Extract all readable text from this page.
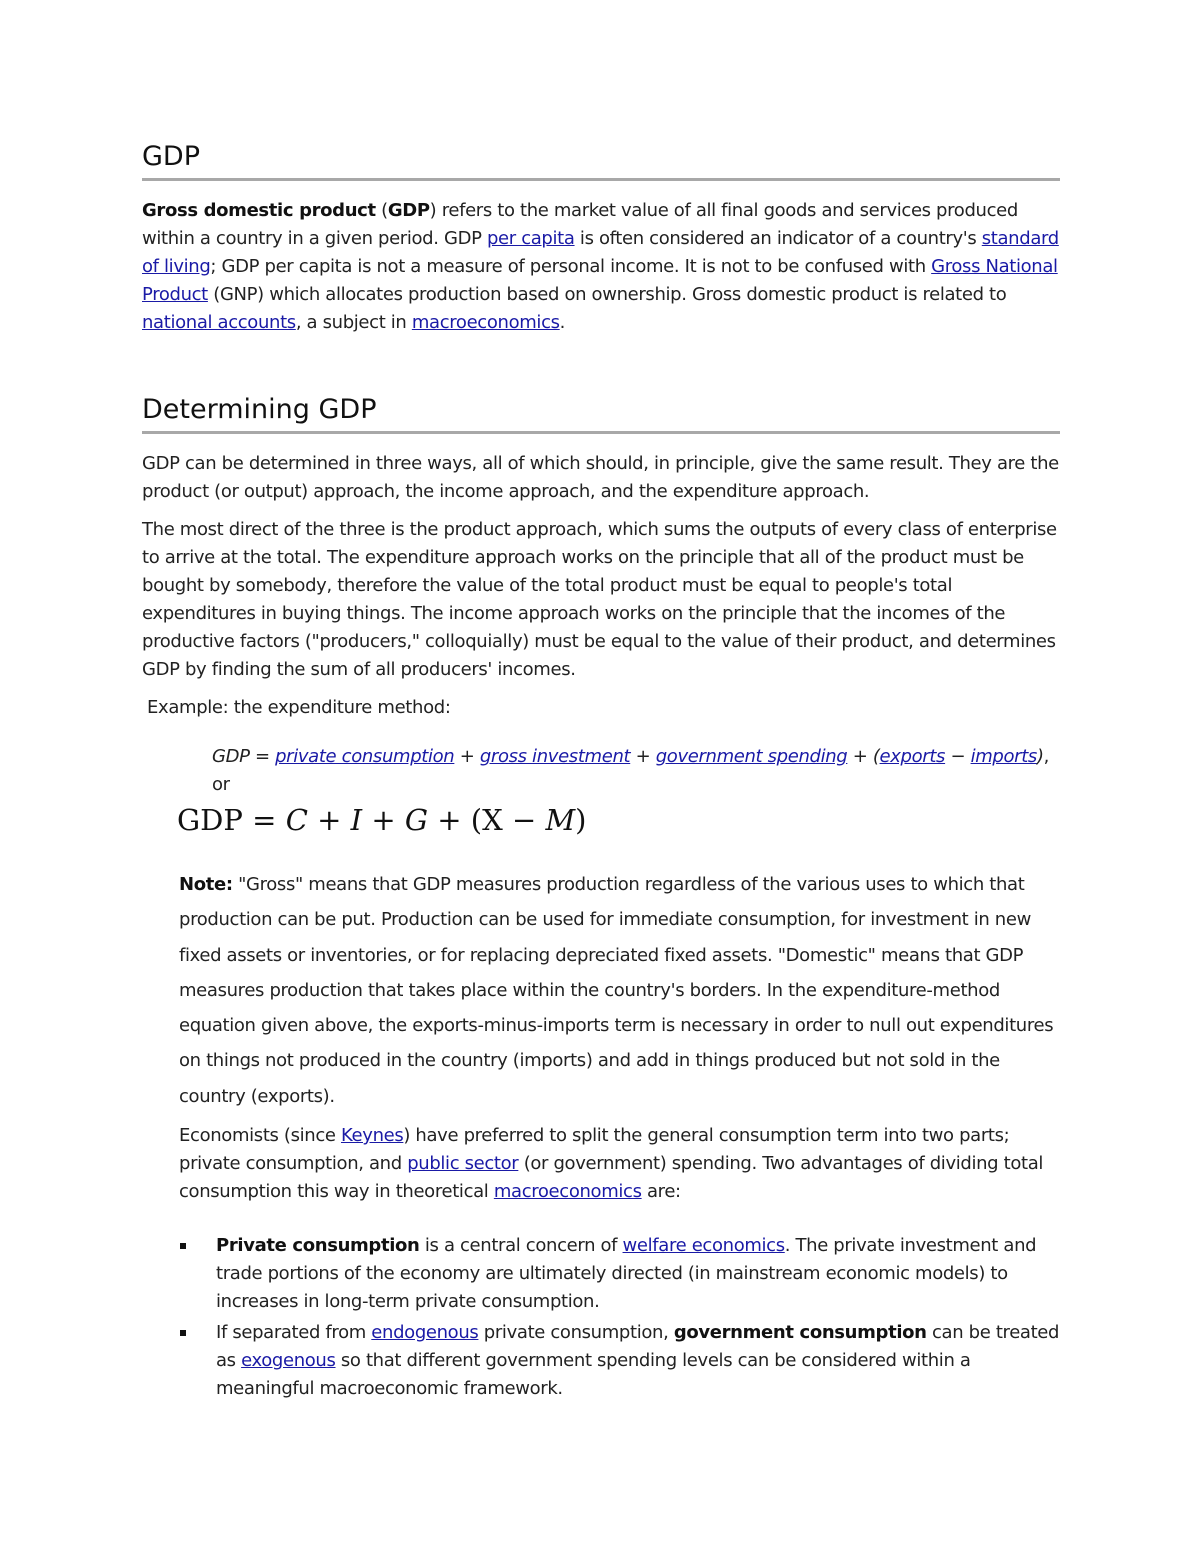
GDP

Gross domestic product (GDP) refers to the market value of all final goods and services produced within a country in a given period. GDP per capita is often considered an indicator of a country's standard of living; GDP per capita is not a measure of personal income. It is not to be confused with Gross National Product (GNP) which allocates production based on ownership. Gross domestic product is related to national accounts, a subject in macroeconomics.

Determining GDP

GDP can be determined in three ways, all of which should, in principle, give the same result. They are the product (or output) approach, the income approach, and the expenditure approach.

The most direct of the three is the product approach, which sums the outputs of every class of enterprise to arrive at the total. The expenditure approach works on the principle that all of the product must be bought by somebody, therefore the value of the total product must be equal to people's total expenditures in buying things. The income approach works on the principle that the incomes of the productive factors ("producers," colloquially) must be equal to the value of their product, and determines GDP by finding the sum of all producers' incomes.

Example: the expenditure method:

GDP = private consumption + gross investment + government spending + (exports − imports), or

GDP = C + I + G + (X − M)

Note: "Gross" means that GDP measures production regardless of the various uses to which that production can be put. Production can be used for immediate consumption, for investment in new fixed assets or inventories, or for replacing depreciated fixed assets. "Domestic" means that GDP measures production that takes place within the country's borders. In the expenditure-method equation given above, the exports-minus-imports term is necessary in order to null out expenditures on things not produced in the country (imports) and add in things produced but not sold in the country (exports).

Economists (since Keynes) have preferred to split the general consumption term into two parts; private consumption, and public sector (or government) spending. Two advantages of dividing total consumption this way in theoretical macroeconomics are:

Private consumption is a central concern of welfare economics. The private investment and trade portions of the economy are ultimately directed (in mainstream economic models) to increases in long-term private consumption.
If separated from endogenous private consumption, government consumption can be treated as exogenous so that different government spending levels can be considered within a meaningful macroeconomic framework.
